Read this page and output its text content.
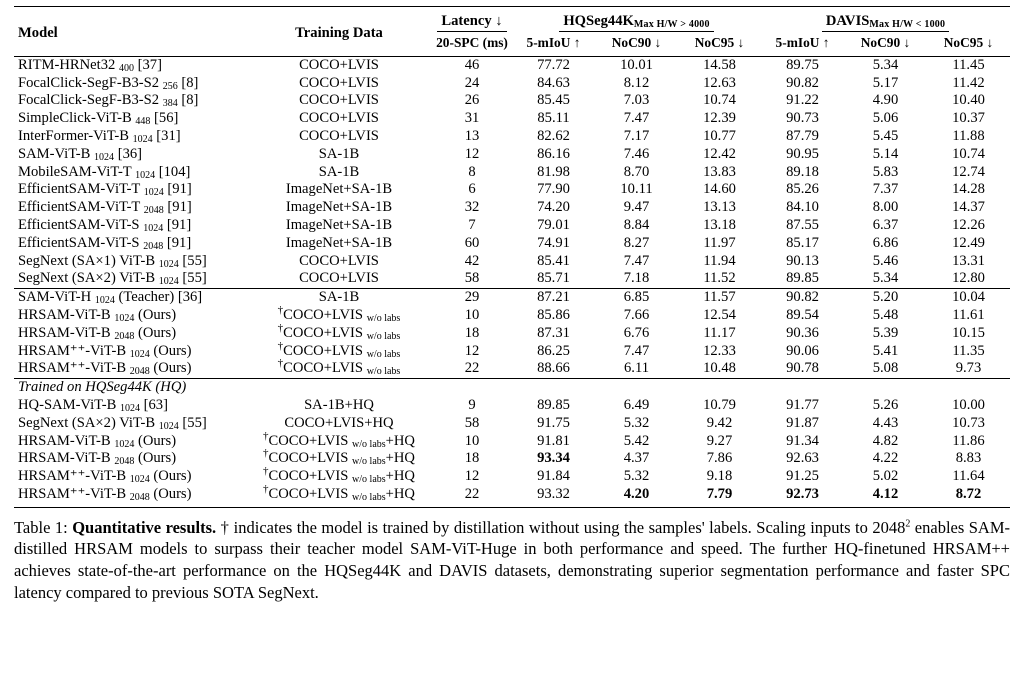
Model	Training Data	Latency ↓	HQSeg44KMax H/W > 4000			DAVISMax H/W < 1000		
		20-SPC (ms)	5-mIoU ↑	NoC90 ↓	NoC95 ↓	5-mIoU ↑	NoC90 ↓	NoC95 ↓
RITM-HRNet32 400 [37]	COCO+LVIS	46	77.72	10.01	14.58	89.75	5.34	11.45
FocalClick-SegF-B3-S2 256 [8]	COCO+LVIS	24	84.63	8.12	12.63	90.82	5.17	11.42
FocalClick-SegF-B3-S2 384 [8]	COCO+LVIS	26	85.45	7.03	10.74	91.22	4.90	10.40
SimpleClick-ViT-B 448 [56]	COCO+LVIS	31	85.11	7.47	12.39	90.73	5.06	10.37
InterFormer-ViT-B 1024 [31]	COCO+LVIS	13	82.62	7.17	10.77	87.79	5.45	11.88
SAM-ViT-B 1024 [36]	SA-1B	12	86.16	7.46	12.42	90.95	5.14	10.74
MobileSAM-ViT-T 1024 [104]	SA-1B	8	81.98	8.70	13.83	89.18	5.83	12.74
EfficientSAM-ViT-T 1024 [91]	ImageNet+SA-1B	6	77.90	10.11	14.60	85.26	7.37	14.28
EfficientSAM-ViT-T 2048 [91]	ImageNet+SA-1B	32	74.20	9.47	13.13	84.10	8.00	14.37
EfficientSAM-ViT-S 1024 [91]	ImageNet+SA-1B	7	79.01	8.84	13.18	87.55	6.37	12.26
EfficientSAM-ViT-S 2048 [91]	ImageNet+SA-1B	60	74.91	8.27	11.97	85.17	6.86	12.49
SegNext (SA×1) ViT-B 1024 [55]	COCO+LVIS	42	85.41	7.47	11.94	90.13	5.46	13.31
SegNext (SA×2) ViT-B 1024 [55]	COCO+LVIS	58	85.71	7.18	11.52	89.85	5.34	12.80
SAM-ViT-H 1024 (Teacher) [36]	SA-1B	29	87.21	6.85	11.57	90.82	5.20	10.04
HRSAM-ViT-B 1024 (Ours)	†COCO+LVIS w/o labs	10	85.86	7.66	12.54	89.54	5.48	11.61
HRSAM-ViT-B 2048 (Ours)	†COCO+LVIS w/o labs	18	87.31	6.76	11.17	90.36	5.39	10.15
HRSAM⁺⁺-ViT-B 1024 (Ours)	†COCO+LVIS w/o labs	12	86.25	7.47	12.33	90.06	5.41	11.35
HRSAM⁺⁺-ViT-B 2048 (Ours)	†COCO+LVIS w/o labs	22	88.66	6.11	10.48	90.78	5.08	9.73
Trained on HQSeg44K (HQ)								
HQ-SAM-ViT-B 1024 [63]	SA-1B+HQ	9	89.85	6.49	10.79	91.77	5.26	10.00
SegNext (SA×2) ViT-B 1024 [55]	COCO+LVIS+HQ	58	91.75	5.32	9.42	91.87	4.43	10.73
HRSAM-ViT-B 1024 (Ours)	†COCO+LVIS w/o labs+HQ	10	91.81	5.42	9.27	91.34	4.82	11.86
HRSAM-ViT-B 2048 (Ours)	†COCO+LVIS w/o labs+HQ	18	93.34	4.37	7.86	92.63	4.22	8.83
HRSAM⁺⁺-ViT-B 1024 (Ours)	†COCO+LVIS w/o labs+HQ	12	91.84	5.32	9.18	91.25	5.02	11.64
HRSAM⁺⁺-ViT-B 2048 (Ours)	†COCO+LVIS w/o labs+HQ	22	93.32	4.20	7.79	92.73	4.12	8.72
Table 1: Quantitative results. † indicates the model is trained by distillation without using the samples' labels. Scaling inputs to 2048$^2$ enables SAM-distilled HRSAM models to surpass their teacher model SAM-ViT-Huge in both performance and speed. The further HQ-finetuned HRSAM++ achieves state-of-the-art performance on the HQSeg44K and DAVIS datasets, demonstrating superior segmentation performance and faster SPC latency compared to previous SOTA SegNext.
